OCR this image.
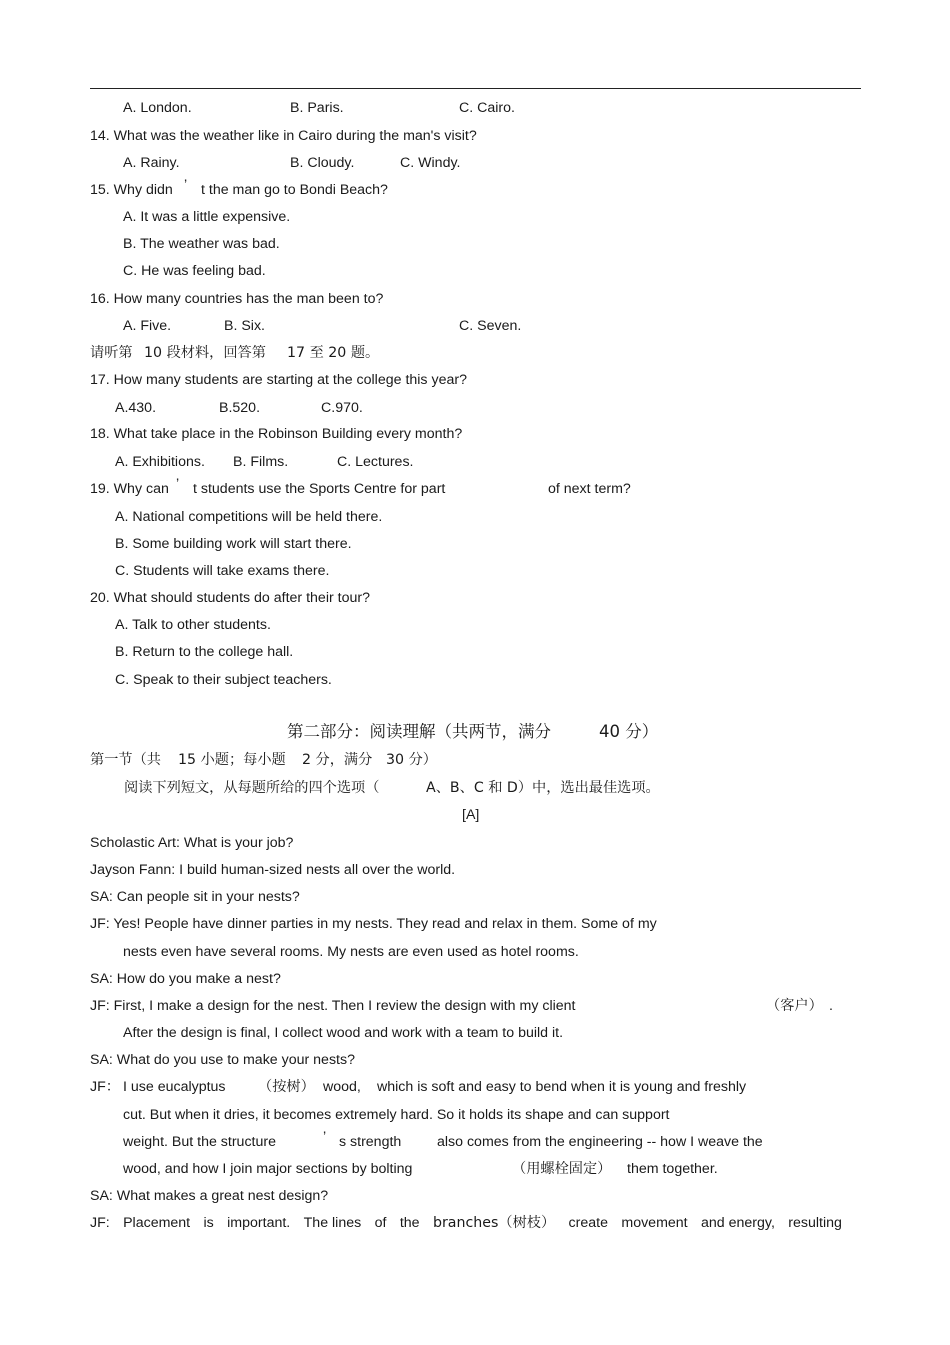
A. London.	B. Paris.	C. Cairo.
14. What was the weather like in Cairo during the man's visit?
A. Rainy.	B. Cloudy.	C. Windy.
15. Why didn ’ t the man go to Bondi Beach?
A. It was a little expensive.
B. The weather was bad.
C. He was feeling bad.
16. How many countries has the man been to?
A. Five.	B. Six.	C. Seven.
请听第 10 段材料，回答第 17 至 20 题。
17. How many students are starting at the college this year?
A.430.	B.520.	C.970.
18. What take place in the Robinson Building every month?
A. Exhibitions. B. Films.	C. Lectures.
19. Why can ’ t students use the Sports Centre for part	of next term?
A. National competitions will be held there.
B. Some building work will start there.
C. Students will take exams there.
20. What should students do after their tour?
A. Talk to other students.
B. Return to the college hall.
C. Speak to their subject teachers.
第二部分：阅读理解（共两节，满分	40 分）
第一节（共 15 小题；每小题 2 分，满分 30 分）
阅读下列短文，从每题所给的四个选项（	A、B、C 和 D）中，选出最佳选项。
[A]
Scholastic Art: What is your job?
Jayson Fann: I build human-sized nests all over the world.
SA: Can people sit in your nests?
JF: Yes! People have dinner parties in my nests. They read and relax in them. Some of my
nests even have several rooms. My nests are even used as hotel rooms.
SA: How do you make a nest?
JF: First, I make a design for the nest. Then I review the design with my client	（客户） .
After the design is final, I collect wood and work with a team to build it.
SA: What do you use to make your nests?
JF： I use eucalyptus （按树） wood, which is soft and easy to bend when it is young and freshly
cut. But when it dries, it becomes extremely hard. So it holds its shape and can support
weight. But the structure	’ s strength	also comes from the engineering -- how I weave the
wood, and how I join major sections by bolting	（用螺栓固定） them together.
SA: What makes a great nest design?
JF: Placement is important. The lines of the branches（树枝） create movement and energy, resulting
